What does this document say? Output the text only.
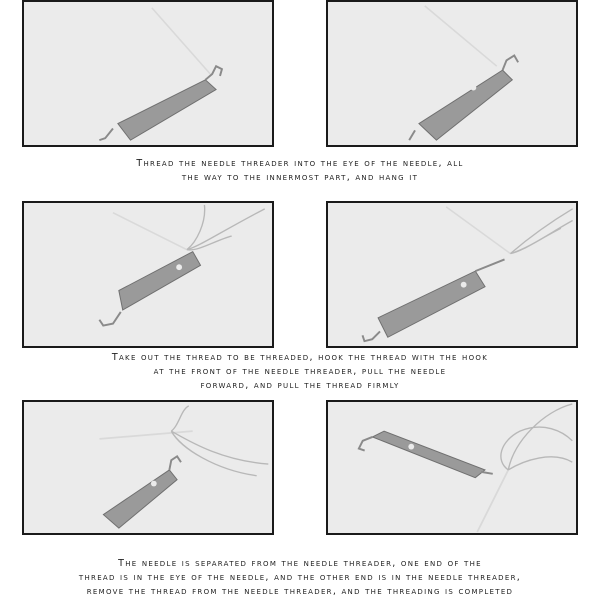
Thread the needle threader into the eye of the needle, all
the way to the innermost part, and hang it
Take out the thread to be threaded, hook the thread with the hook
at the front of the needle threader, pull the needle
forward, and pull the thread firmly
The needle is separated from the needle threader, one end of the
thread is in the eye of the needle, and the other end is in the needle threader,
remove the thread from the needle threader, and the threading is completed
